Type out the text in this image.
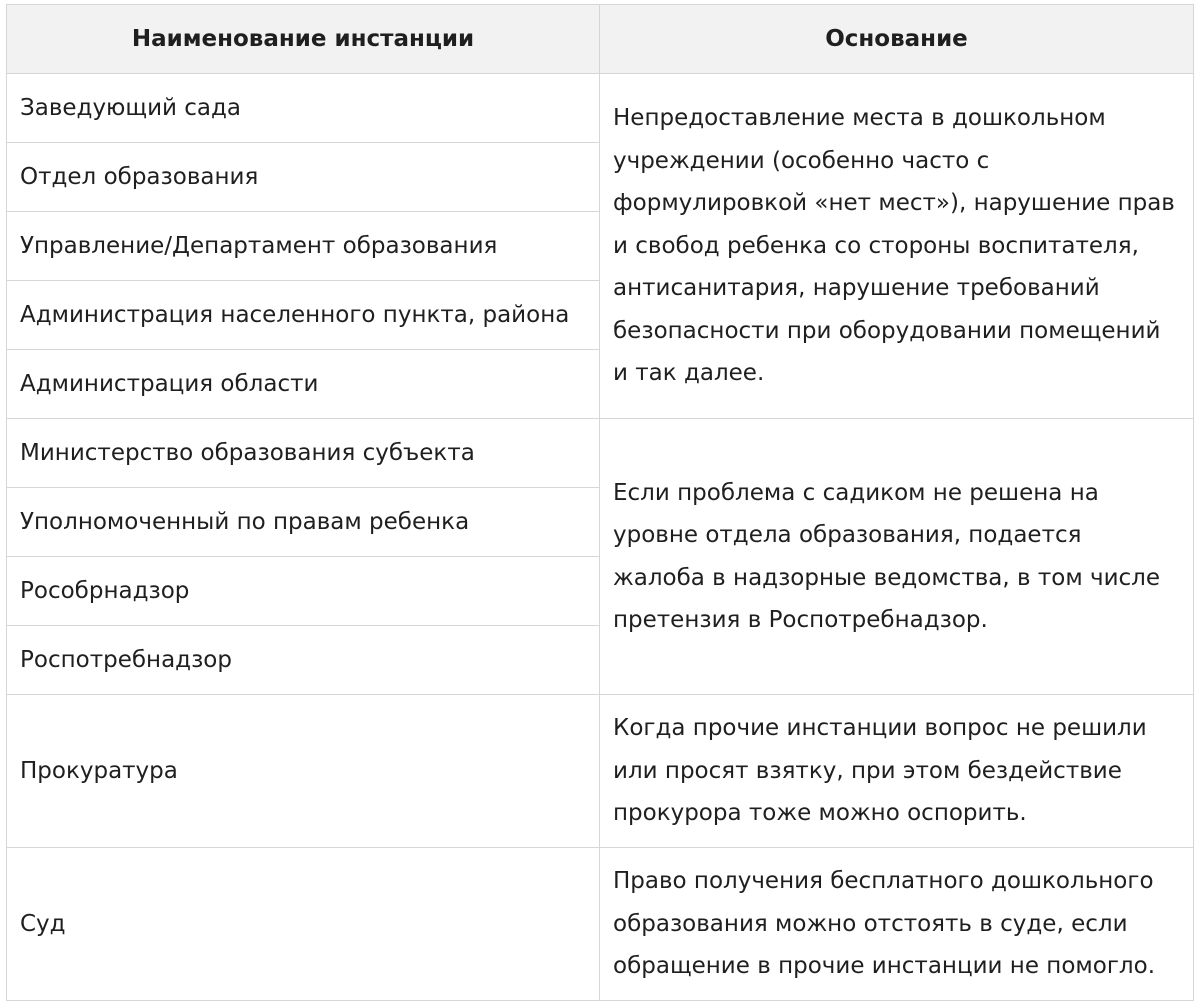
Наименование инстанции	Основание
Заведующий сада	Непредоставление места в дошкольном учреждении (особенно часто с формулировкой «нет мест»), нарушение прав и свобод ребенка со стороны воспитателя, антисанитария, нарушение требований безопасности при оборудовании помещений и так далее.
Отдел образования	
Управление/Департамент образования	
Администрация населенного пункта, района	
Администрация области	
Министерство образования субъекта	Если проблема с садиком не решена на уровне отдела образования, подается жалоба в надзорные ведомства, в том числе претензия в Роспотребнадзор.
Уполномоченный по правам ребенка	
Рособрнадзор	
Роспотребнадзор	
Прокуратура	Когда прочие инстанции вопрос не решили или просят взятку, при этом бездействие прокурора тоже можно оспорить.
Суд	Право получения бесплатного дошкольного образования можно отстоять в суде, если обращение в прочие инстанции не помогло.
